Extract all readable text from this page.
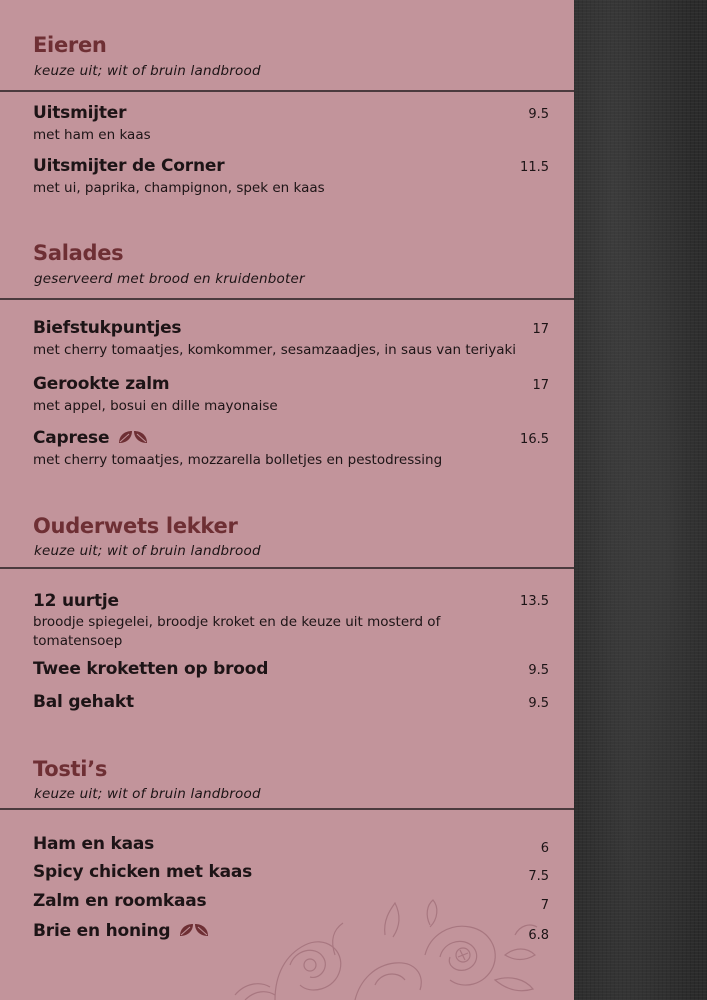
Eieren

keuze uit; wit of bruin landbrood

Uitsmijter	9.5

met ham en kaas

Uitsmijter de Corner	11.5

met ui, paprika, champignon, spek en kaas

Salades

geserveerd met brood en kruidenboter

Biefstukpuntjes	17

met cherry tomaatjes, komkommer, sesamzaadjes, in saus van teriyaki

Gerookte zalm	17

met appel, bosui en dille mayonaise

Caprese	16.5

met cherry tomaatjes, mozzarella bolletjes en pestodressing

Ouderwets lekker

keuze uit; wit of bruin landbrood

12 uurtje	13.5

broodje spiegelei, broodje kroket en de keuze uit mosterd of tomatensoep

Twee kroketten op brood	9.5
Bal gehakt	9.5
Tosti’s

keuze uit; wit of bruin landbrood

Ham en kaas	6
Spicy chicken met kaas	7.5
Zalm en roomkaas	7
Brie en honing	6.8
